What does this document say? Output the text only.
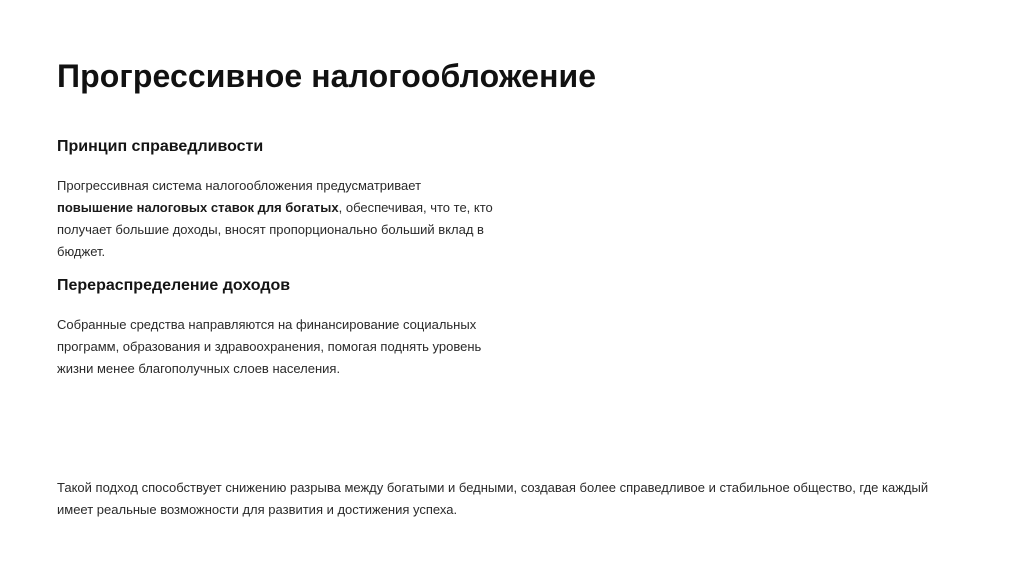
Прогрессивное налогообложение
Принцип справедливости

Прогрессивная система налогообложения предусматривает повышение налоговых ставок для богатых, обеспечивая, что те, кто получает большие доходы, вносят пропорционально больший вклад в бюджет.

Перераспределение доходов

Собранные средства направляются на финансирование социальных программ, образования и здравоохранения, помогая поднять уровень жизни менее благополучных слоев населения.

Такой подход способствует снижению разрыва между богатыми и бедными, создавая более справедливое и стабильное общество, где каждый имеет реальные возможности для развития и достижения успеха.
